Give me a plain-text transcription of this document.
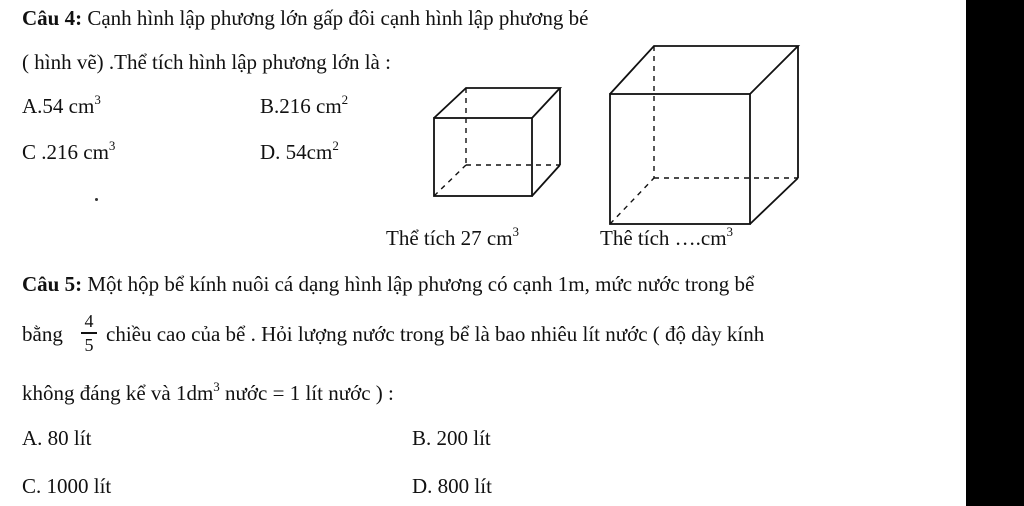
Câu 4: Cạnh hình lập phương lớn gấp đôi cạnh hình lập phương bé
( hình vẽ) .Thể tích hình lập phương lớn là :
A.54 $cm^3$	B.216 $cm^2$
C .216 $cm^3$	D. $54cm^2$
Thể tích 27 $cm^3$	Thê tích $\dots.cm^3$
Câu 5: Một hộp bể kính nuôi cá dạng hình lập phương có cạnh 1m, mức nước trong bể
bằng
4
5 chiều cao của bể . Hỏi lượng nước trong bể là bao nhiêu lít nước ( độ dày kính
không đáng kể và $1dm^3$ nước = 1 lít nước ) :
A. 80 lít	B. 200 lít
C. 1000 lít	D. 800 lít
